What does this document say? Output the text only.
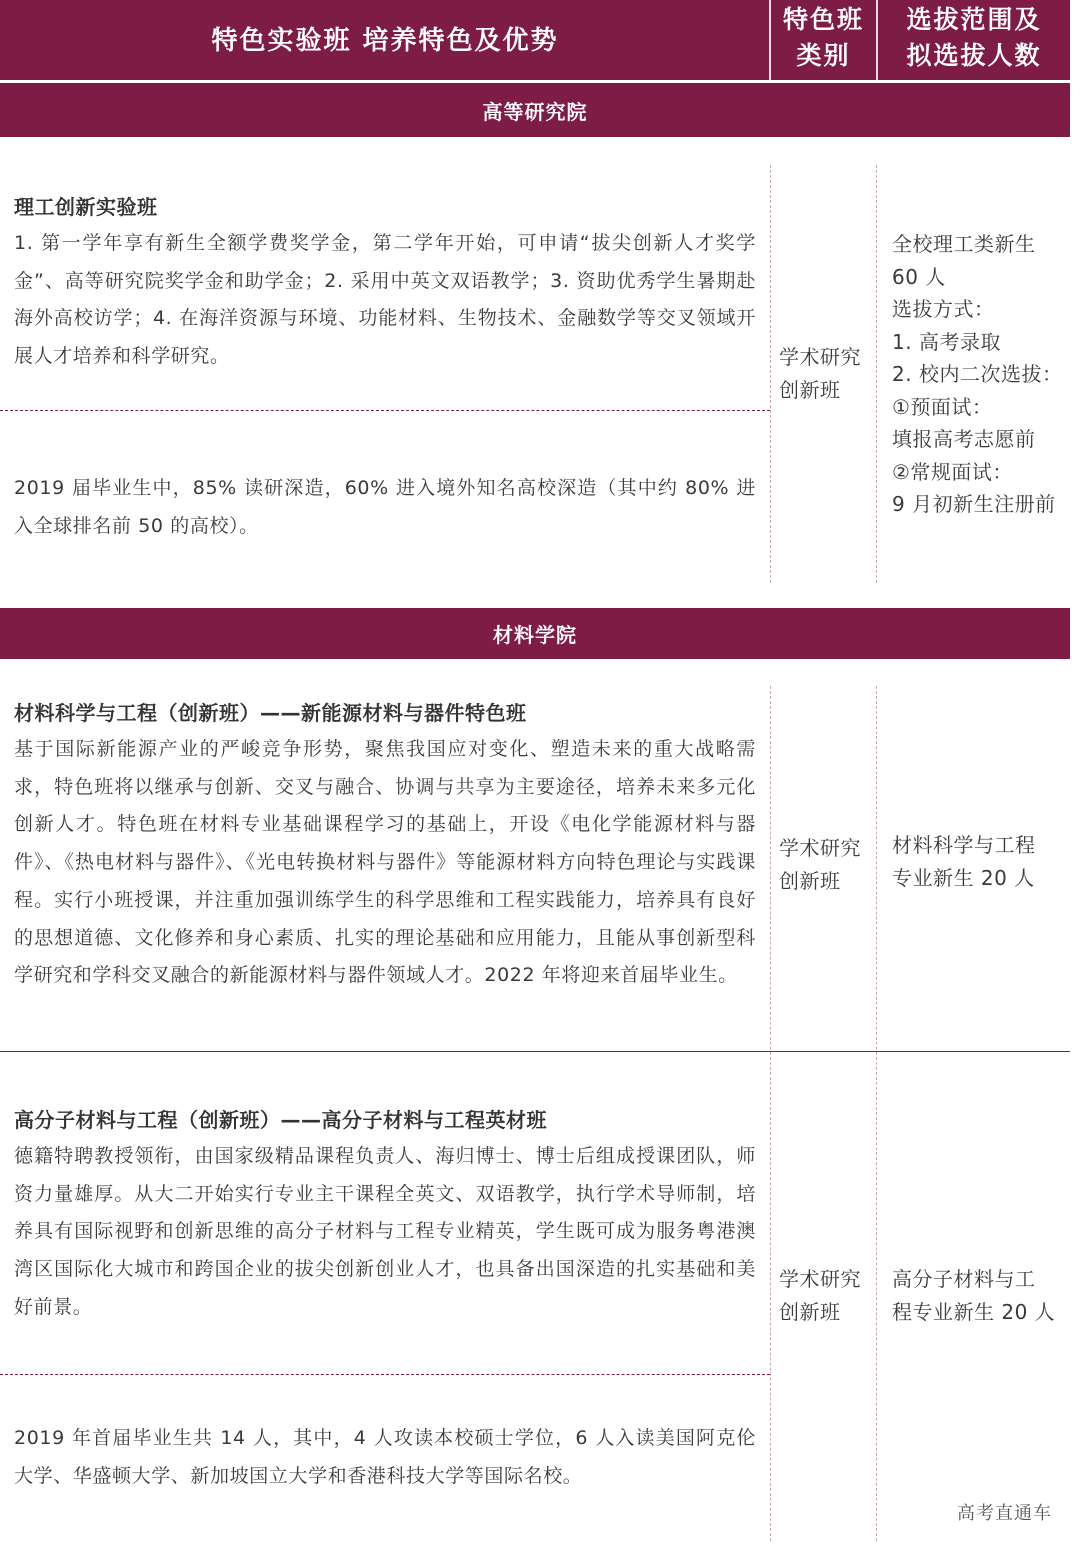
特色实验班 培养特色及优势
特色班
类别
选拔范围及
拟选拔人数
高等研究院
理工创新实验班
1. 第一学年享有新生全额学费奖学金，第二学年开始，可申请“拔尖创新人才奖学金”、高等研究院奖学金和助学金；2. 采用中英文双语教学；3. 资助优秀学生暑期赴海外高校访学；4. 在海洋资源与环境、功能材料、生物技术、金融数学等交叉领域开展人才培养和科学研究。
2019 届毕业生中，85% 读研深造，60% 进入境外知名高校深造（其中约 80% 进入全球排名前 50 的高校）。
学术研究
创新班
全校理工类新生
60 人
选拔方式：
1. 高考录取
2. 校内二次选拔：
①预面试：
填报高考志愿前
②常规面试：
9 月初新生注册前
材料学院
材料科学与工程（创新班）——新能源材料与器件特色班
基于国际新能源产业的严峻竞争形势，聚焦我国应对变化、塑造未来的重大战略需求，特色班将以继承与创新、交叉与融合、协调与共享为主要途径，培养未来多元化创新人才。特色班在材料专业基础课程学习的基础上，开设《电化学能源材料与器件》、《热电材料与器件》、《光电转换材料与器件》等能源材料方向特色理论与实践课程。实行小班授课，并注重加强训练学生的科学思维和工程实践能力，培养具有良好的思想道德、文化修养和身心素质、扎实的理论基础和应用能力，且能从事创新型科学研究和学科交叉融合的新能源材料与器件领域人才。2022 年将迎来首届毕业生。
学术研究
创新班
材料科学与工程
专业新生 20 人
高分子材料与工程（创新班）——高分子材料与工程英材班
德籍特聘教授领衔，由国家级精品课程负责人、海归博士、博士后组成授课团队，师资力量雄厚。从大二开始实行专业主干课程全英文、双语教学，执行学术导师制，培养具有国际视野和创新思维的高分子材料与工程专业精英，学生既可成为服务粤港澳湾区国际化大城市和跨国企业的拔尖创新创业人才，也具备出国深造的扎实基础和美好前景。
2019 年首届毕业生共 14 人，其中，4 人攻读本校硕士学位，6 人入读美国阿克伦大学、华盛顿大学、新加坡国立大学和香港科技大学等国际名校。
学术研究
创新班
高分子材料与工
程专业新生 20 人
高考直通车
